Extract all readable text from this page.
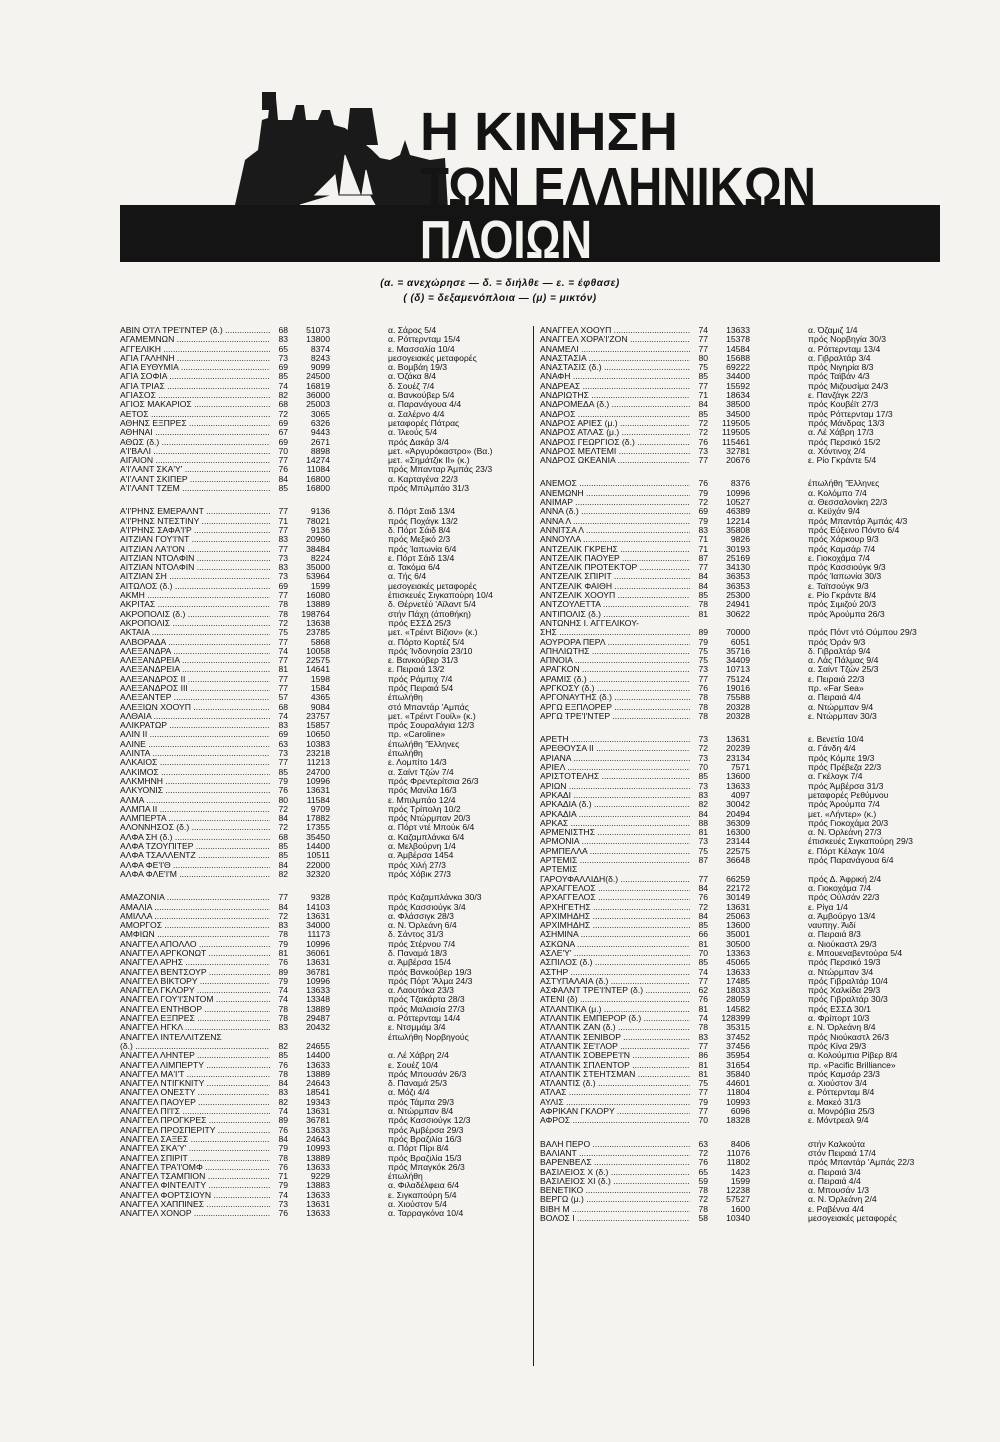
Η ΚΙΝΗΣΗ
ΤΩΝ ΕΛΛΗΝΙΚΩΝ
ΠΛΟΙΩΝ
(α. = ανεχώρησε — δ. = διήλθε — ε. = έφθασε)
( (δ) = δεξαμενόπλοια — (μ) = μικτόν)
ΑΒΙΝ Ο'Ι'Λ ΤΡΕ'Ι'ΝΤΕΡ (δ.) .....	68	51073	α. Σάρος 5/4
ΑΓΑΜΕΜΝΩΝ .....	83	13800	α. Ρόττερνταμ 15/4
ΑΓΓΕΛΙΚΗ .....	65	8374	ε. Μασσαλία 10/4
ΑΓΙΑ ΓΑΛΗΝΗ .....	73	8243	μεσογειακές μεταφορές
ΑΓΙΑ ΕΥΘΥΜΙΑ .....	69	9099	α. Βομβάη 19/3
ΑΓΙΑ ΣΟΦΙΑ .....	85	24500	α. Όζάκα 8/4
ΑΓΙΑ ΤΡΙΑΣ .....	74	16819	δ. Σουέζ 7/4
ΑΓΙΑΣΟΣ .....	82	36000	α. Βανκούβερ 5/4
ΑΓΙΟΣ ΜΑΚΑΡΙΟΣ .....	68	25003	α. Παρανάγουα 4/4
ΑΕΤΟΣ .....	72	3065	α. Σαλέρνο 4/4
ΑΘΗΝΣ ΕΞΠΡΕΣ .....	69	6326	μεταφορές Πάτρας
ΑΘΗΝΑΙ .....	67	9443	α. Ίλεούς 5/4
ΑΘΩΣ (δ.) .....	69	2671	πρός Δακάρ 3/4
Α'Ι'ΒΑΛΙ .....	70	8898	μετ. «Άργυρόκαστρο» (Βα.)
ΑΙΓΑΙΟΝ .....	77	14274	μετ. «Σημάτζικ ΙΙ» (κ.)
Α'Ι'ΛΑΝΤ ΣΚΑ'Υ' .....	76	11084	πρός Μπανταρ Άμπάς 23/3
Α'Ι'ΛΑΝΤ ΣΚΙΠΕΡ .....	84	16800	α. Καρταγένα 22/3
Α'Ι'ΛΑΝΤ ΤΖΕΜ .....	85	16800	πρός Μπιλμπάο 31/3
Α'Ι'ΡΗΝΣ ΕΜΕΡΑΛΝΤ .....	77	9136	δ. Πόρτ Σαιδ 13/4
Α'Ι'ΡΗΝΣ ΝΤΕΣΤΙΝΥ .....	71	78021	πρός Ποχάγκ 13/2
Α'Ι'ΡΗΝΣ ΣΑΦΑ'Ι'Ρ .....	77	9136	δ. Πόρτ Σάιδ 8/4
ΑΙΤΖΙΑΝ ΓΟΥ'Ι'ΝΤ .....	83	20960	πρός Μεξικό 2/3
ΑΙΤΖΙΑΝ ΛΑ'Ι'ΟΝ .....	77	38484	πρός Ίαπωνία 6/4
ΑΙΤΖΙΑΝ ΝΤΟΛΦΙΝ .....	73	8224	ε. Πόρτ Σάιδ 13/4
ΑΙΤΖΙΑΝ ΝΤΟΛΦΙΝ .....	83	35000	α. Τακόμα 6/4
ΑΙΤΖΙΑΝ ΣΗ .....	73	53964	α. Τής 6/4
ΑΙΤΩΛΟΣ (δ.) .....	69	1599	μεσογειακές μεταφορές
ΑΚΜΗ .....	77	16080	έπισκευές Σιγκαπούρη 10/4
ΑΚΡΙΤΑΣ .....	78	13889	δ. Θέρνετέύ 'Αϊλαντ 5/4
ΑΚΡΟΠΟΛΙΣ (δ.) .....	78	198764	στήν Πάχη (άποθήκη)
ΑΚΡΟΠΟΛΙΣ .....	72	13638	πρός ΕΣΣΔ 25/3
ΑΚΤΑΙΑ .....	75	23785	μετ. «Τρέιντ Βίζιον» (κ.)
ΑΛΒΟΡΑΔΑ .....	77	5868	α. Πόρτο Κορτέζ 5/4
ΑΛΕΞΑΝΔΡΑ .....	74	10058	πρός Ίνδονησία 23/10
ΑΛΕΞΑΝΔΡΕΙΑ .....	77	22575	ε. Βανκούβερ 31/3
ΑΛΕΞΑΝΔΡΕΙΑ .....	81	14641	ε. Πειραιά 13/2
ΑΛΕΞΑΝΔΡΟΣ ΙΙ .....	77	1598	πρός Ράμπιχ 7/4
ΑΛΕΞΑΝΔΡΟΣ ΙΙΙ .....	77	1584	πρός Πειραιά 5/4
ΑΛΕΞΑΝΤΕΡ .....	57	4365	έπωλήθη
ΑΛΕΞΙΩΝ ΧΟΟΥΠ .....	68	9084	στό Μπαντάρ 'Αμπάς
ΑΛΘΑΙΑ .....	74	23757	μετ. «Τρέιντ Γουίλ» (κ.)
ΑΛΙΚΡΑΤΩΡ .....	83	15857	πρός Σουραλάγια 12/3
ΑΛΙΝ ΙΙ .....	69	10650	πρ. «Caroline»
ΑΛΙΝΕ .....	63	10383	έπωλήθη 'Έλληνες
ΑΛΙΝΤΑ .....	73	23218	έπωλήθη
ΑΛΚΑΙΟΣ .....	77	11213	ε. Λομπίτο 14/3
ΑΛΚΙΜΟΣ .....	85	24700	α. Σαίντ Τζών 7/4
ΑΛΚΜΗΝΗ .....	79	10996	πρός Φρεντερίτσια 26/3
ΑΛΚΥΟΝΙΣ .....	76	13631	πρός Μανίλα 16/3
ΑΛΜΑ .....	80	11584	ε. Μπιλμπάο 12/4
ΑΛΜΠΑ ΙΙ .....	72	9709	πρός Τρίπολη 10/2
ΑΛΜΠΕΡΤΑ .....	84	17882	πρός Ντώρμπαν 20/3
ΑΛΟΝΝΗΣΟΣ (δ.) .....	72	17355	α. Πόρτ ντέ Μπούκ 6/4
ΑΛΦΑ ΣΗ (δ.) .....	68	35450	α. Καζαμπλάνκα 6/4
ΑΛΦΑ ΤΖΟΥΠΙΤΕΡ .....	85	14400	α. Μελβούρνη 1/4
ΑΛΦΑ ΤΣΑΛΛΕΝΤΖ .....	85	10511	α. Άμβέρσα 1454
ΑΛΦΑ ΦΕ'Ι'Θ .....	84	22000	πρός Χιλή 27/3
ΑΛΦΑ ΦΛΕ'Ι'Μ .....	82	32320	πρός Χόβικ 27/3
ΑΜΑΖΟΝΙΑ .....	77	9328	πρός Καζαμπλάνκα 30/3
ΑΜΑΛΙΑ .....	84	14103	πρός Κασσιούγκ 3/4
ΑΜΙΛΛΑ .....	72	13631	α. Φλάσσιγκ 28/3
ΑΜΟΡΓΟΣ .....	83	34000	α. Ν. Όρλεάνη 6/4
ΑΜΦΙΩΝ .....	78	11173	δ. Σάντος 31/3
ΑΝΑΓΓΕΛ ΑΠΟΛΛΟ .....	79	10996	πρός Στέρνου 7/4
ΑΝΑΓΓΕΛ ΑΡΓΚΟΝΩΤ .....	81	36061	δ. Παναμά 18/3
ΑΝΑΓΓΕΛ ΑΡΗΣ .....	76	13631	α. Άμβέρσα 15/4
ΑΝΑΓΓΕΛ ΒΕΝΤΣΟΥΡ .....	89	36781	πρός Βανκούβερ 19/3
ΑΝΑΓΓΕΛ ΒΙΚΤΟΡΥ .....	79	10996	πρός Πόρτ 'Άλμα 24/3
ΑΝΑΓΓΕΛ ΓΚΛΟΡΥ .....	74	13633	α. Λαουτόκα 23/3
ΑΝΑΓΓΕΛ ΓΟΥ'Ι'ΣΝΤΟΜ .....	74	13348	πρός Τζακάρτα 28/3
ΑΝΑΓΓΕΛ ΕΝΤΗΒΟΡ .....	78	13889	πρός Μαλαισία 27/3
ΑΝΑΓΓΕΛ ΕΞΠΡΕΣ .....	78	29487	α. Ρόττερνταμ 14/4
ΑΝΑΓΓΕΛ ΗΓΚΛ .....	83	20432	ε. Ντσμμάμ 3/4
ΑΝΑΓΓΕΛ ΙΝΤΕΛΛΙΤΖΕΝΣ	έπωλήθη Νορβηγούς
(δ.) .....	82	24655
ΑΝΑΓΓΕΛ ΛΗΝΤΕΡ .....	85	14400	α. Λέ Χάβρη 2/4
ΑΝΑΓΓΕΛ ΛΙΜΠΕΡΤΥ .....	76	13633	ε. Σουέζ 10/4
ΑΝΑΓΓΕΛ ΜΑ'Ι'Τ .....	78	13889	πρός Μπουσάν 26/3
ΑΝΑΓΓΕΛ ΝΤΙΓΚΝΙΤΥ .....	84	24643	δ. Παναμά 25/3
ΑΝΑΓΓΕΛ ΟΝΕΣΤΥ .....	83	18541	α. Μόζι 4/4
ΑΝΑΓΓΕΛ ΠΑΟΥΕΡ .....	82	19343	πρός Τάμπα 29/3
ΑΝΑΓΓΕΛ ΠΙ'Ι'Σ .....	74	13631	α. Ντώρμπαν 8/4
ΑΝΑΓΓΕΛ ΠΡΟΓΚΡΕΣ .....	89	36781	πρός Κασσιούγκ 12/3
ΑΝΑΓΓΕΛ ΠΡΟΣΠΕΡΙΤΥ .....	76	13633	πρός Άμβέρσα 29/3
ΑΝΑΓΓΕΛ ΣΑΞΕΣ .....	84	24643	πρός Βραζιλία 16/3
ΑΝΑΓΓΕΛ ΣΚΑ'Υ' .....	79	10993	α. Πόρτ Πίρι 8/4
ΑΝΑΓΓΕΛ ΣΠΙΡΙΤ .....	78	13889	πρός Βραζιλία 15/3
ΑΝΑΓΓΕΛ ΤΡΑ'Ι'ΟΜΦ .....	76	13633	πρός Μπαγκόκ 26/3
ΑΝΑΓΓΕΛ ΤΣΑΜΠΙΟΝ .....	71	9229	έπωλήθη
ΑΝΑΓΓΕΛ ΦΙΝΤΕΛΙΤΥ .....	79	13883	α. Φιλαδέλφεια 6/4
ΑΝΑΓΓΕΛ ΦΟΡΤΣΙΟΥΝ .....	74	13633	ε. Σιγκαπούρη 5/4
ΑΝΑΓΓΕΛ ΧΑΠΠΙΝΕΣ .....	73	13631	α. Χιούστον 5/4
ΑΝΑΓΓΕΛ ΧΟΝΟΡ .....	76	13633	α. Ταρραγκόνα 10/4
ΑΝΑΓΓΕΛ ΧΟΟΥΠ .....	74	13633	α. Όζαμιζ 1/4
ΑΝΑΓΓΕΛ ΧΟΡΑ'Ι'ΖΟΝ .....	77	15378	πρός Νορβηγία 30/3
ΑΝΑΜΕΛΙ .....	77	14584	α. Ρόττερνταμ 13/4
ΑΝΑΣΤΑΣΙΑ .....	80	15688	α. Γιβραλτάρ 3/4
ΑΝΑΣΤΑΣΙΣ (δ.) .....	75	69222	πρός Νιγηρία 8/3
ΑΝΑΦΗ .....	85	34400	πρός Ταϊβάν 4/3
ΑΝΔΡΕΑΣ .....	77	15592	πρός Μιζουσίμα 24/3
ΑΝΔΡΙΩΤΗΣ .....	71	18634	ε. Πανζάγκ 22/3
ΑΝΔΡΟΜΕΔΑ (δ.) .....	84	38500	πρός Κουβέϊτ 27/3
ΑΝΔΡΟΣ .....	85	34500	πρός Ρόττερνταμ 17/3
ΑΝΔΡΟΣ ΑΡΙΕΣ (μ.) .....	72	119505	πρός Μάνδρας 13/3
ΑΝΔΡΟΣ ΑΤΛΑΣ (μ.) .....	72	119505	α. Λέ Χάβρη 17/3
ΑΝΔΡΟΣ ΓΕΩΡΓΙΟΣ (δ.) .....	76	115461	πρός Περσικό 15/2
ΑΝΔΡΟΣ ΜΕΛΤΕΜΙ .....	73	32781	α. Χόντινοχ 2/4
ΑΝΔΡΟΣ ΩΚΕΑΝΙΑ .....	77	20676	ε. Ρίο Γκράντε 5/4
ΑΝΕΜΟΣ .....	76	8376	έπωλήθη 'Έλληνες
ΑΝΕΜΩΝΗ .....	79	10996	α. Κολόμπο 7/4
ΑΝΙΜΑΡ .....	72	10527	α. Θεσσαλονίκη 22/3
ΑΝΝΑ (δ.) .....	69	46389	α. Κεϋχάν 9/4
ΑΝΝΑ Λ .....	79	12214	πρός Μπαντάρ Άμπάς 4/3
ΑΝΝΙΤΣΑ Λ .....	83	35808	πρός Εύξεινο Πόντο 6/4
ΑΝΝΟΥΛΑ .....	71	9826	πρός Χάρκουρ 9/3
ΑΝΤΖΕΛΙΚ ΓΚΡΕΗΣ .....	71	30193	πρός Καμσάρ 7/4
ΑΝΤΖΕΛΙΚ ΠΑΟΥΕΡ .....	87	25169	ε. Γιοκοχάμα 7/4
ΑΝΤΖΕΛΙΚ ΠΡΟΤΕΚΤΟΡ .....	77	34130	πρός Κασσιούγκ 9/3
ΑΝΤΖΕΛΙΚ ΣΠΙΡΙΤ .....	84	36353	πρός Ίαπωνία 30/3
ΑΝΤΖΕΛΙΚ ΦΑΙΘΗ .....	84	36353	ε. Ταϊτσούγκ 9/3
ΑΝΤΖΕΛΙΚ ΧΟΟΥΠ .....	85	25300	ε. Ρίο Γκράντε 8/4
ΑΝΤΖΟΥΛΕΤΤΑ .....	78	24941	πρός Σιμιζού 20/3
ΑΝΤΙΠΟΛΙΣ (δ.) .....	81	30622	πρός Άρούμπα 26/3
ΑΝΤΩΝΗΣ Ι. ΑΓΓΕΛΙΚΟΥ-
ΣΗΣ .....	89	70000	πρός Πόντ ντό Ούμπου 29/3
ΑΟΥΡΟΡΑ ΠΕΡΛ .....	79	6051	πρός Όράν 9/3
ΑΠΗΛΙΩΤΗΣ .....	75	35716	δ. Γιβραλτάρ 9/4
ΑΠΝΟΙΑ .....	75	34409	α. Λάς Πάλμας 9/4
ΑΡΑΓΚΟΝ .....	73	10713	α. Σαίντ Τζών 25/3
ΑΡΑΜΙΣ (δ.) .....	77	75124	ε. Πειραιά 22/3
ΑΡΓΚΟΣΥ (δ.) .....	76	19016	πρ. «Far Sea»
ΑΡΓΟΝΑΥΤΗΣ (δ.) .....	78	75588	α. Πειραιά 4/4
ΑΡΓΩ ΕΞΠΛΟΡΕΡ .....	78	20328	α. Ντώρμπαν 9/4
ΑΡΓΩ ΤΡΕ'Ι'ΝΤΕΡ .....	78	20328	ε. Ντώρμπαν 30/3
ΑΡΕΤΗ .....	73	13631	ε. Βενετία 10/4
ΑΡΕΘΟΥΣΑ ΙΙ .....	72	20239	α. Γάνδη 4/4
ΑΡΙΑΝΑ .....	73	23134	πρός Κόμπε 19/3
ΑΡΙΕΛ .....	70	7571	πρός Πρέβεζα 22/3
ΑΡΙΣΤΟΤΕΛΗΣ .....	85	13600	α. Γκέλογκ 7/4
ΑΡΙΩΝ .....	73	13633	πρός Άμβέρσα 31/3
ΑΡΚΑΔΙ .....	83	4097	μεταφορές Ρεθύμνου
ΑΡΚΑΔΙΑ (δ.) .....	82	30042	πρός Άρούμπα 7/4
ΑΡΚΑΔΙΑ .....	84	20494	μετ. «Λήντερ» (κ.)
ΑΡΚΑΣ .....	88	36309	πρός Γιοκοχάμα 20/3
ΑΡΜΕΝΙΣΤΗΣ .....	81	16300	α. Ν. Όρλεάνη 27/3
ΑΡΜΟΝΙΑ .....	73	23144	έπισκευές Σιγκαπούρη 29/3
ΑΡΜΠΕΛΛΑ .....	75	22575	ε. Πόρτ Κέλαγκ 10/4
ΑΡΤΕΜΙΣ .....	87	36648	πρός Παρανάγουα 6/4
ΑΡΤΕΜΙΣ
ΓΑΡΟΥΦΑΛΛΙΔΗ(δ.) .....	77	66259	πρός Δ. Άφρική 2/4
ΑΡΧΑΓΓΕΛΟΣ .....	84	22172	α. Γιοκοχάμα 7/4
ΑΡΧΑΓΓΕΛΟΣ .....	76	30149	πρός Ούλσάν 22/3
ΑΡΧΗΓΕΤΗΣ .....	72	13631	ε. Ρίγα 1/4
ΑΡΧΙΜΗΔΗΣ .....	84	25063	α. Άμβούργο 13/4
ΑΡΧΙΜΗΔΗΣ .....	85	13600	ναυπηγ. Άιδί
ΑΣΗΜΙΝΑ .....	66	35001	α. Πειραιά 8/3
ΑΣΚΩΝΑ .....	81	30500	α. Νιούκαστλ 29/3
ΑΣΛΕ'Υ' .....	70	13363	ε. Μπουεναβεντούρα 5/4
ΑΣΠΙΛΟΣ (δ.) .....	85	45065	πρός Περσικό 19/3
ΑΣΤΗΡ .....	74	13633	α. Ντώρμπαν 3/4
ΑΣΤΥΠΑΛΑΙΑ (δ.) .....	77	17485	πρός Γιβραλτάρ 10/4
ΑΣΦΑΛΝΤ ΤΡΕ'Ι'ΝΤΕΡ (δ.) .....	62	18033	πρός Χαλκίδα 29/3
ΑΤΕΝΙ (δ) .....	76	28059	πρός Γιβραλτάρ 30/3
ΑΤΛΑΝΤΙΚΑ (μ.) .....	81	14582	πρός ΕΣΣΔ 30/1
ΑΤΛΑΝΤΙΚ ΕΜΠΕΡΟΡ (δ.) .....	74	128399	α. Φρίπορτ 10/3
ΑΤΛΑΝΤΙΚ ΖΑΝ (δ.) .....	78	35315	ε. Ν. Όρλεάνη 8/4
ΑΤΛΑΝΤΙΚ ΣΕΝΙΒΟΡ .....	83	37452	πρός Νιούκαστλ 26/3
ΑΤΛΑΝΤΙΚ ΣΕ'Ι'ΛΟΡ .....	77	37456	πρός Κίνα 29/3
ΑΤΛΑΝΤΙΚ ΣΟΒΕΡΕ'Ι'Ν .....	86	35954	α. Κολούμπια Ρίβερ 8/4
ΑΤΛΑΝΤΙΚ ΣΠΛΕΝΤΟΡ .....	81	31654	πρ. «Pacific Brilliance»
ΑΤΛΑΝΤΙΚ ΣΤΕΗΤΣΜΑΝ .....	81	35840	πρός Καμσάρ 23/3
ΑΤΛΑΝΤΙΣ (δ.) .....	75	44601	α. Χιούστον 3/4
ΑΤΛΑΣ .....	77	11804	ε. Ρόττερνταμ 8/4
ΑΥΛΙΣ .....	79	10993	ε. Μακεό 31/3
ΑΦΡΙΚΑΝ ΓΚΛΟΡΥ .....	77	6096	α. Μονρόβια 25/3
ΑΦΡΟΣ .....	70	18328	ε. Μόντρεαλ 9/4
ΒΑΛΗ ΠΕΡΟ .....	63	8406	στήν Καλκούτα
ΒΑΛΙΑΝΤ .....	72	11076	στόν Πειραιά 17/4
ΒΑΡΕΝΒΕΛΣ .....	76	11802	πρός Μπαντάρ 'Αμπάς 22/3
ΒΑΣΙΛΕΙΟΣ Χ (δ.) .....	65	1423	α. Πειραιά 3/4
ΒΑΣΙΛΕΙΟΣ ΧΙ (δ.) .....	59	1599	α. Πειραιά 4/4
ΒΕΝΕΤΙΚΟ .....	78	12238	α. Μπουσάν 1/3
ΒΕΡΓΩ (μ.) .....	72	57527	α. Ν. Όρλεάνη 2/4
ΒΙΒΗ Μ .....	78	1600	ε. Ραβέννα 4/4
ΒΟΛΟΣ Ι .....	58	10340	μεσογειακές μεταφορές
